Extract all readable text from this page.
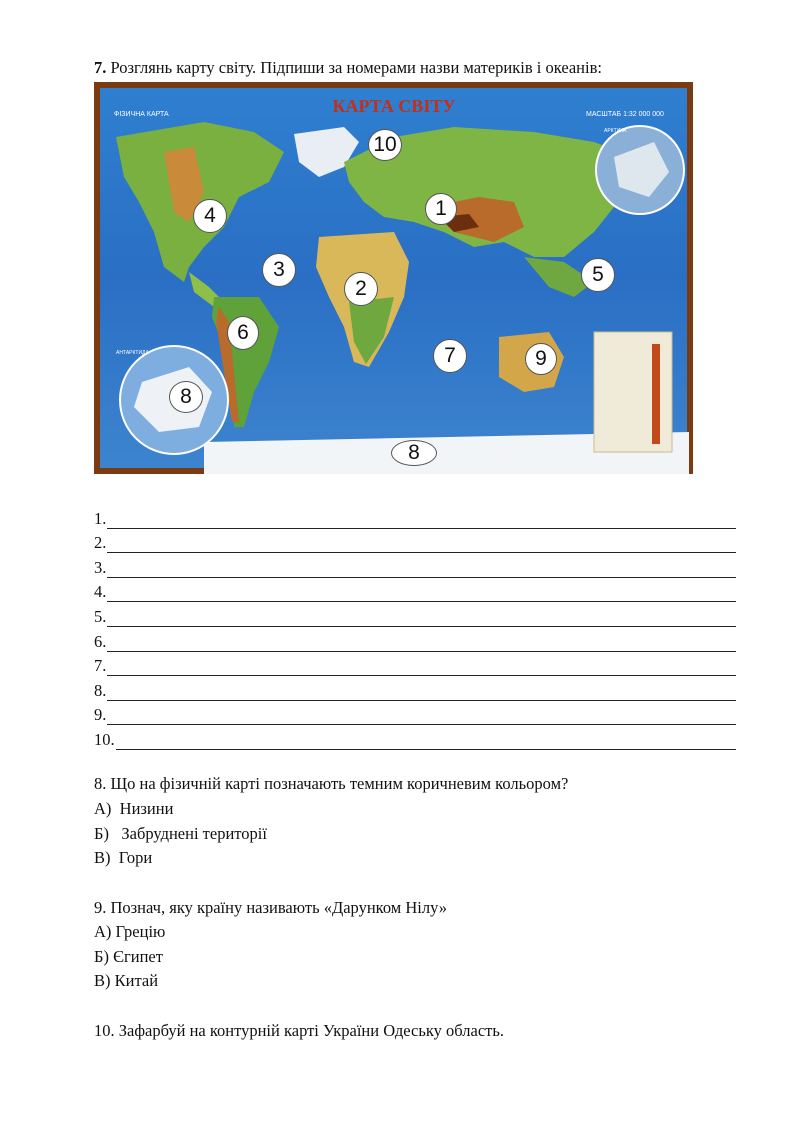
7. Розглянь карту світу. Підпиши за номерами назви материків і океанів:
КАРТА СВІТУ
ФІЗИЧНА КАРТА	МАСШТАБ 1:32 000 000
АРКТИКА
АНТАРКТИДА
10
1
4
3
2
5
6
7	9
8
8
1.
2.
3.
4.
5.
6.
7.
8.
9.
10.
8. Що на фізичній карті позначають темним коричневим кольором?
А) Низини
Б) Забруднені території
В) Гори
9. Познач, яку країну називають «Дарунком Нілу»
А) Грецію
Б) Єгипет
В) Китай
10. Зафарбуй на контурній карті України Одеську область.
